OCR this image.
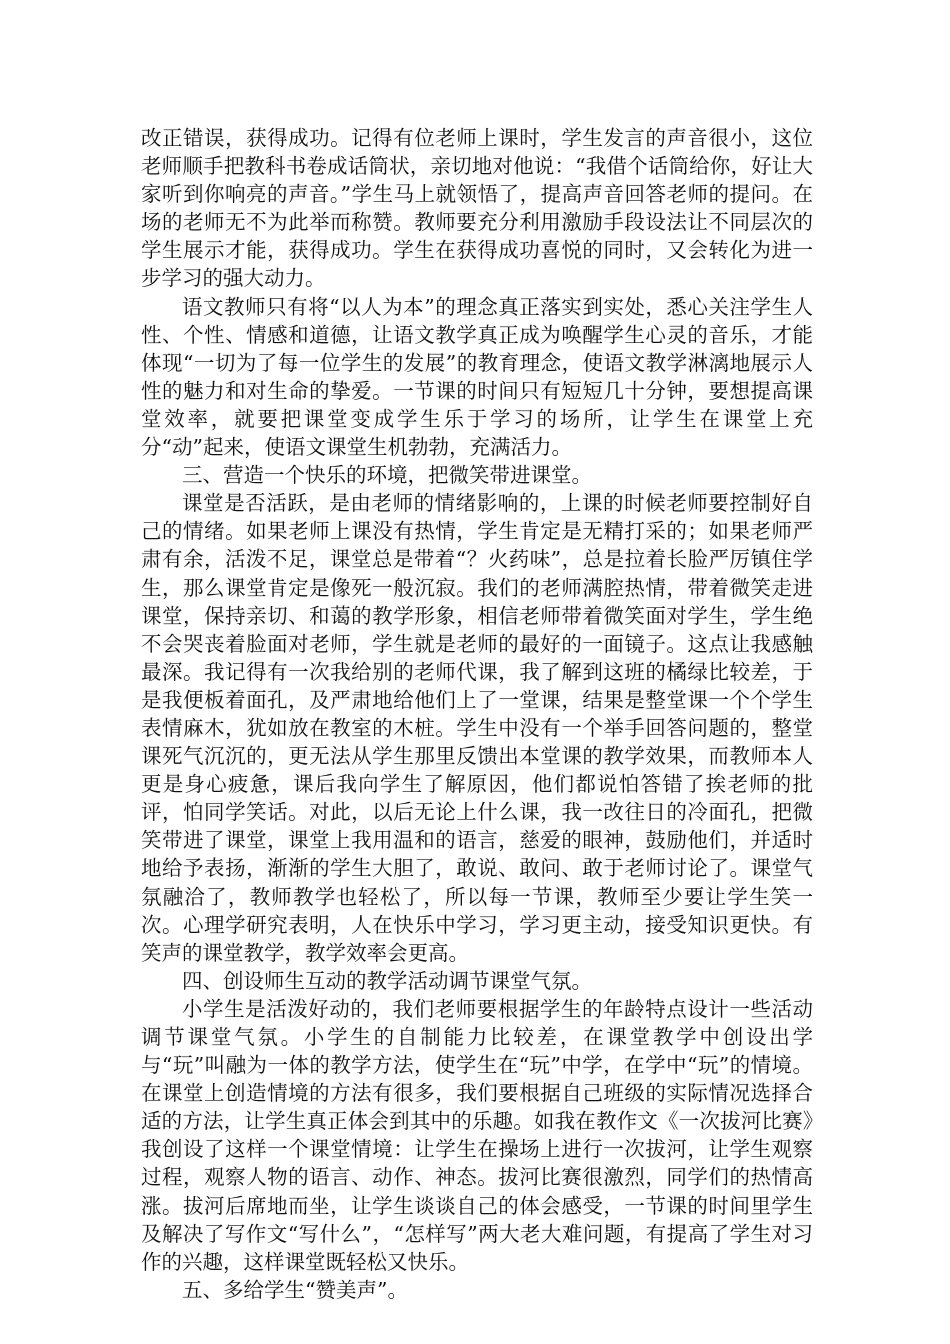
改正错误，获得成功。记得有位老师上课时，学生发言的声音很小，这位老师顺手把教科书卷成话筒状，亲切地对他说：“我借个话筒给你，好让大家听到你响亮的声音。”学生马上就领悟了，提高声音回答老师的提问。在场的老师无不为此举而称赞。教师要充分利用激励手段设法让不同层次的学生展示才能，获得成功。学生在获得成功喜悦的同时，又会转化为进一步学习的强大动力。

语文教师只有将“以人为本”的理念真正落实到实处，悉心关注学生人性、个性、情感和道德，让语文教学真正成为唤醒学生心灵的音乐，才能体现“一切为了每一位学生的发展”的教育理念，使语文教学淋漓地展示人性的魅力和对生命的挚爱。一节课的时间只有短短几十分钟，要想提高课堂效率，就要把课堂变成学生乐于学习的场所，让学生在课堂上充分“动”起来，使语文课堂生机勃勃，充满活力。

三、营造一个快乐的环境，把微笑带进课堂。

课堂是否活跃，是由老师的情绪影响的，上课的时候老师要控制好自己的情绪。如果老师上课没有热情，学生肯定是无精打采的；如果老师严肃有余，活泼不足，课堂总是带着“？火药味”，总是拉着长脸严厉镇住学生，那么课堂肯定是像死一般沉寂。我们的老师满腔热情，带着微笑走进课堂，保持亲切、和蔼的教学形象，相信老师带着微笑面对学生，学生绝不会哭丧着脸面对老师，学生就是老师的最好的一面镜子。这点让我感触最深。我记得有一次我给别的老师代课，我了解到这班的橘绿比较差，于是我便板着面孔，及严肃地给他们上了一堂课，结果是整堂课一个个学生表情麻木，犹如放在教室的木桩。学生中没有一个举手回答问题的，整堂课死气沉沉的，更无法从学生那里反馈出本堂课的教学效果，而教师本人更是身心疲惫，课后我向学生了解原因，他们都说怕答错了挨老师的批评，怕同学笑话。对此，以后无论上什么课，我一改往日的冷面孔，把微笑带进了课堂，课堂上我用温和的语言，慈爱的眼神，鼓励他们，并适时地给予表扬，渐渐的学生大胆了，敢说、敢问、敢于老师讨论了。课堂气氛融洽了，教师教学也轻松了，所以每一节课，教师至少要让学生笑一次。心理学研究表明，人在快乐中学习，学习更主动，接受知识更快。有笑声的课堂教学，教学效率会更高。

四、创设师生互动的教学活动调节课堂气氛。

小学生是活泼好动的，我们老师要根据学生的年龄特点设计一些活动调节课堂气氛。小学生的自制能力比较差，在课堂教学中创设出学与“玩”叫融为一体的教学方法，使学生在“玩”中学，在学中“玩”的情境。在课堂上创造情境的方法有很多，我们要根据自己班级的实际情况选择合适的方法，让学生真正体会到其中的乐趣。如我在教作文《一次拔河比赛》我创设了这样一个课堂情境：让学生在操场上进行一次拔河，让学生观察过程，观察人物的语言、动作、神态。拔河比赛很激烈，同学们的热情高涨。拔河后席地而坐，让学生谈谈自己的体会感受，一节课的时间里学生及解决了写作文“写什么”，“怎样写”两大老大难问题，有提高了学生对习作的兴趣，这样课堂既轻松又快乐。

五、多给学生“赞美声”。
